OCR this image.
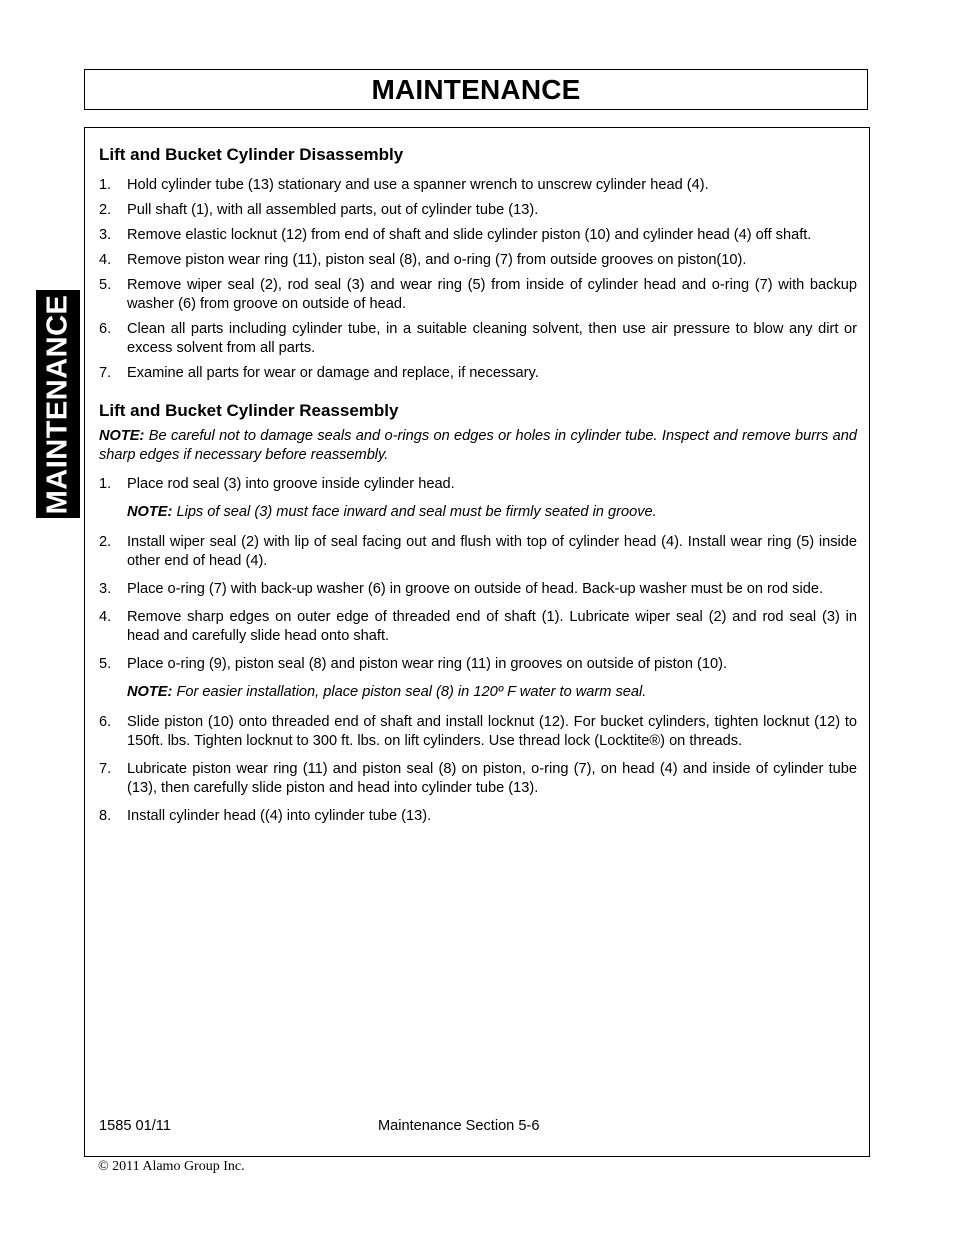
MAINTENANCE
MAINTENANCE
Lift and Bucket Cylinder Disassembly
1.	Hold cylinder tube (13) stationary and use a spanner wrench to unscrew cylinder head (4).
2.	Pull shaft (1), with all assembled parts, out of cylinder tube (13).
3.	Remove elastic locknut (12) from end of shaft and slide cylinder piston (10) and cylinder head (4) off shaft.
4.	Remove piston wear ring (11), piston seal (8), and o-ring (7) from outside grooves on piston(10).
5.	Remove wiper seal (2), rod seal (3) and wear ring (5) from inside of cylinder head and o-ring (7) with backup washer (6) from groove on outside of head.
6.	Clean all parts including cylinder tube, in a suitable cleaning solvent, then use air pressure to blow any dirt or excess solvent from all parts.
7.	Examine all parts for wear or damage and replace, if necessary.
Lift and Bucket Cylinder Reassembly
NOTE: Be careful not to damage seals and o-rings on edges or holes in cylinder tube. Inspect and remove burrs and sharp edges if necessary before reassembly.
1.	Place rod seal (3) into groove inside cylinder head.
NOTE: Lips of seal (3) must face inward and seal must be firmly seated in groove.
2.	Install wiper seal (2) with lip of seal facing out and flush with top of cylinder head (4). Install wear ring (5) inside other end of head (4).
3.	Place o-ring (7) with back-up washer (6) in groove on outside of head. Back-up washer must be on rod side.
4.	Remove sharp edges on outer edge of threaded end of shaft (1). Lubricate wiper seal (2) and rod seal (3) in head and carefully slide head onto shaft.
5.	Place o-ring (9), piston seal (8) and piston wear ring (11) in grooves on outside of piston (10).
NOTE: For easier installation, place piston seal (8) in 120º F water to warm seal.
6.	Slide piston (10) onto threaded end of shaft and install locknut (12). For bucket cylinders, tighten locknut (12) to 150ft. lbs. Tighten locknut to 300 ft. lbs. on lift cylinders. Use thread lock (Locktite®) on threads.
7.	Lubricate piston wear ring (11) and piston seal (8) on piston, o-ring (7), on head (4) and inside of cylinder tube (13), then carefully slide piston and head into cylinder tube (13).
8.	Install cylinder head ((4) into cylinder tube (13).
1585 01/11	Maintenance Section 5-6
© 2011 Alamo Group Inc.
